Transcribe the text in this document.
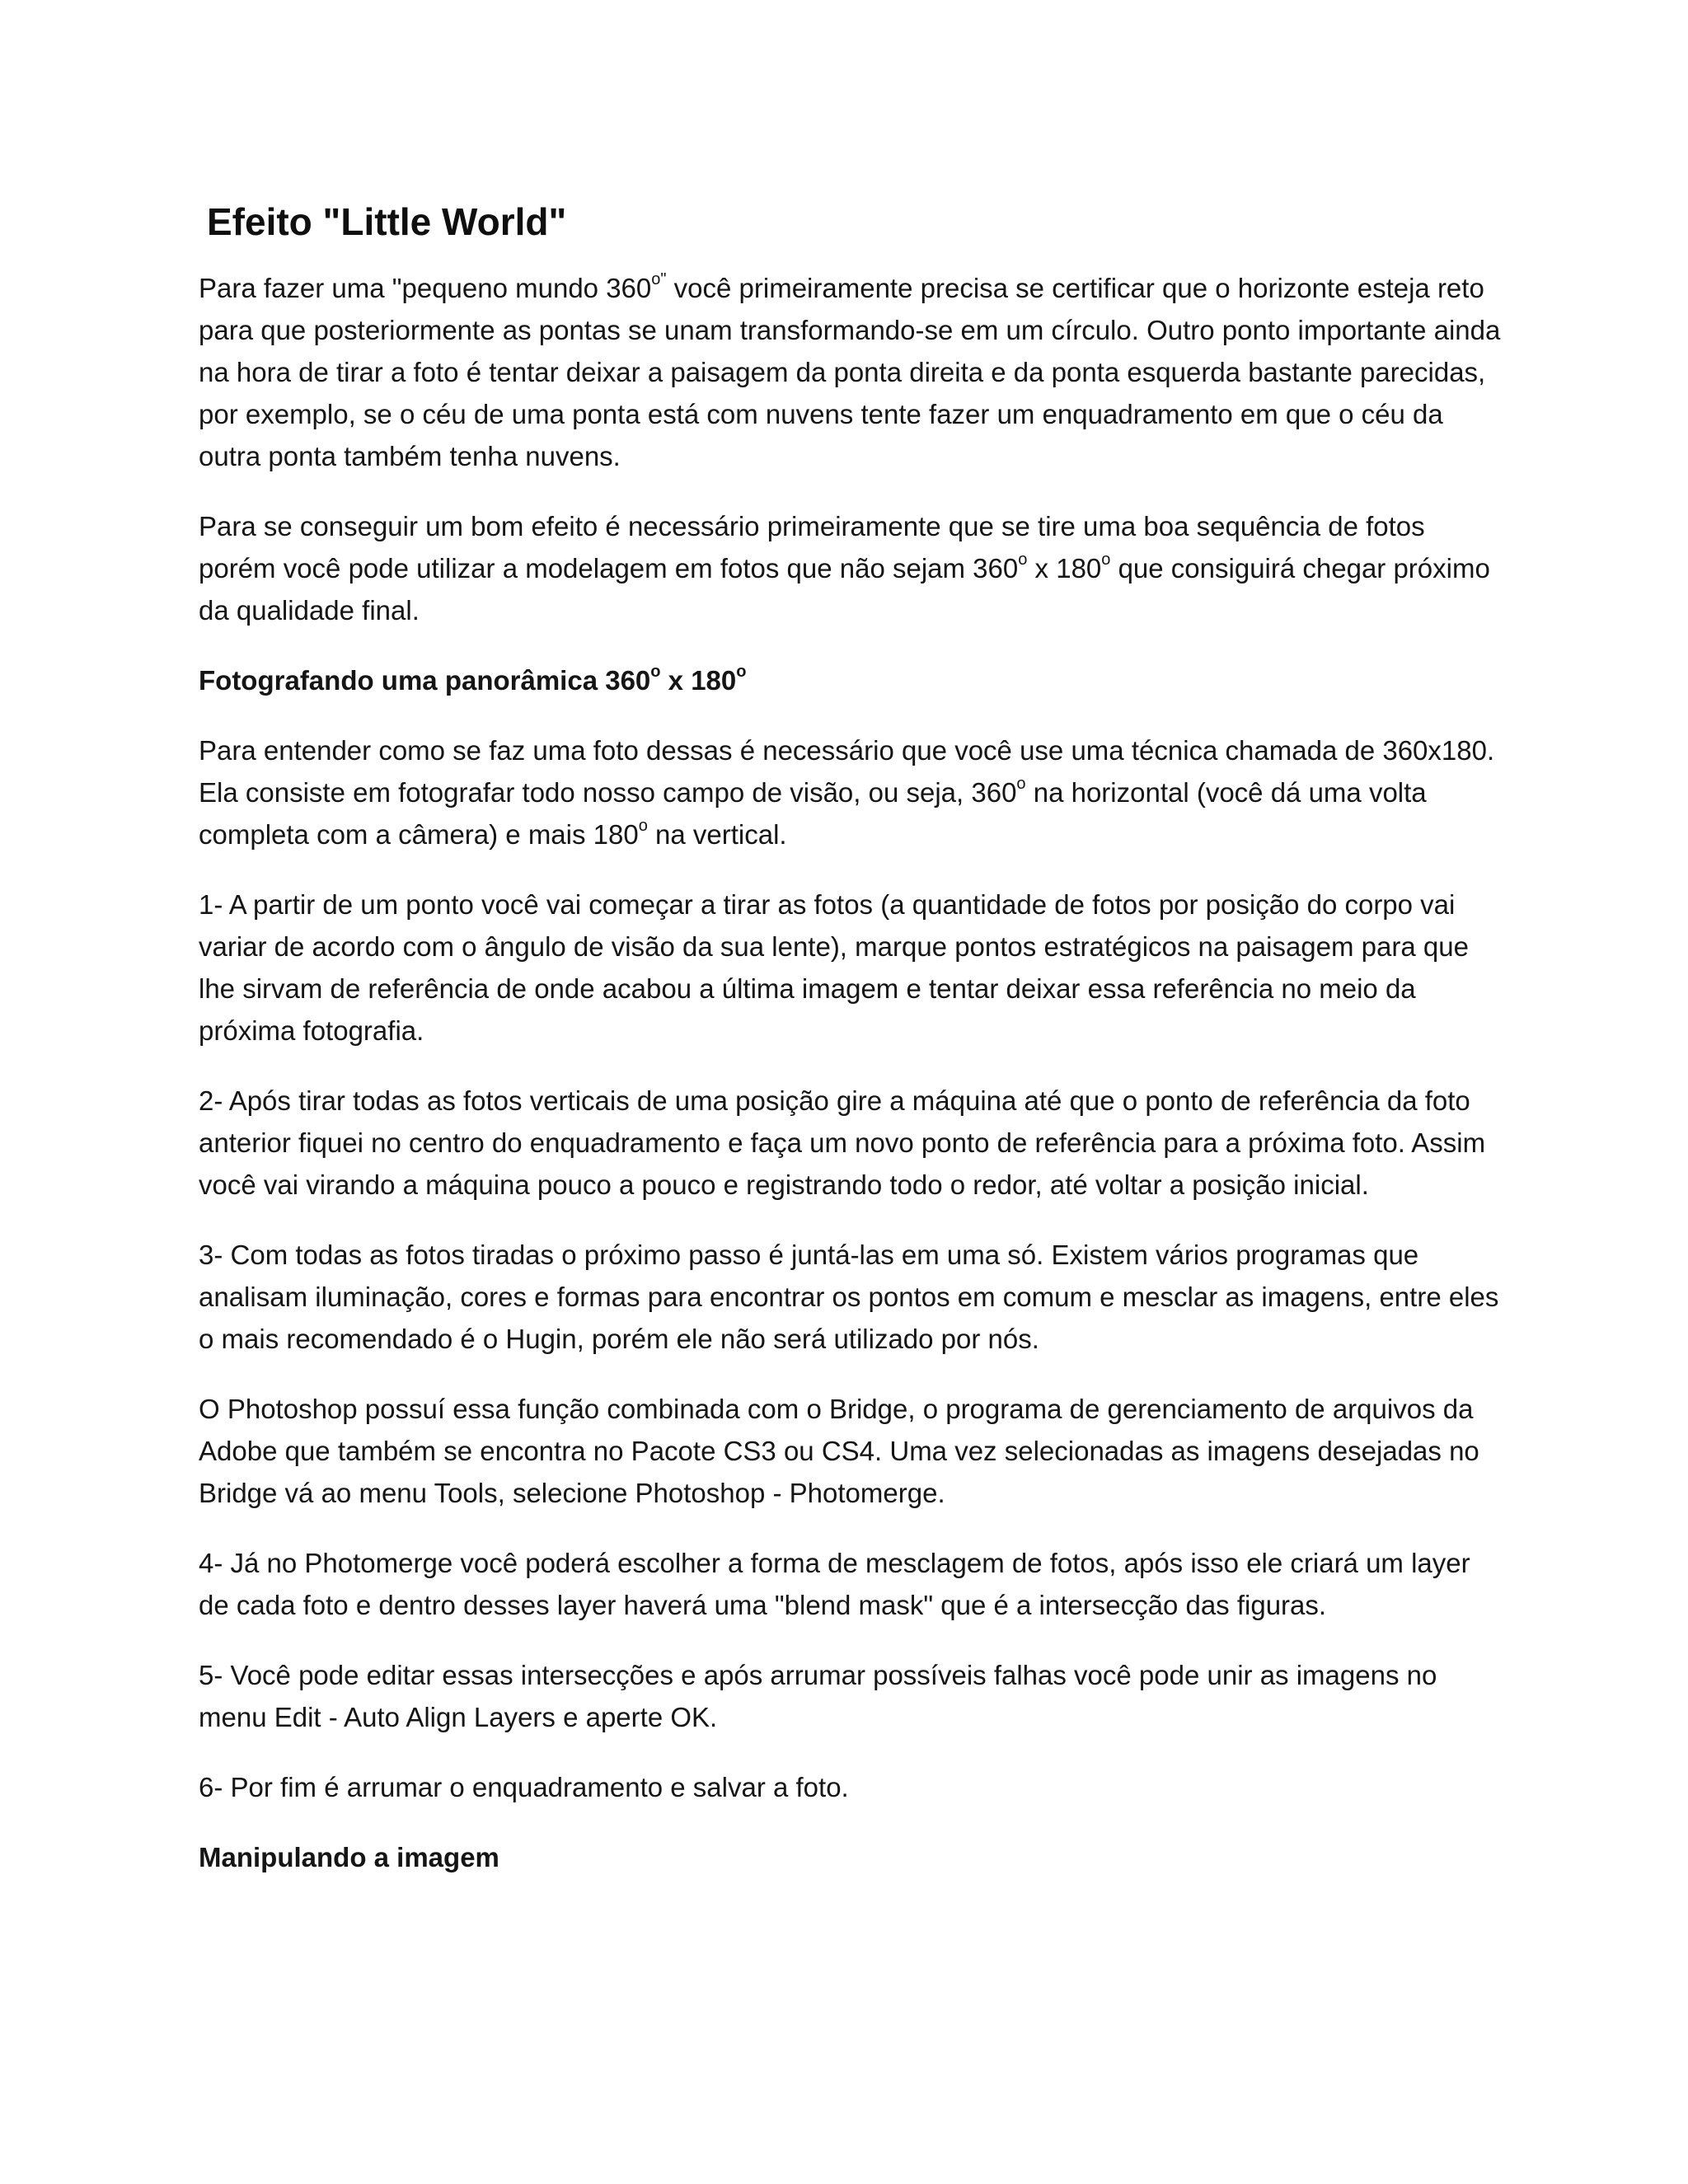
Efeito "Little World"

Para fazer uma "pequeno mundo $360^{o"}$ você primeiramente precisa se certificar que o horizonte esteja reto para que posteriormente as pontas se unam transformando-se em um círculo. Outro ponto importante ainda na hora de tirar a foto é tentar deixar a paisagem da ponta direita e da ponta esquerda bastante parecidas, por exemplo, se o céu de uma ponta está com nuvens tente fazer um enquadramento em que o céu da outra ponta também tenha nuvens.

Para se conseguir um bom efeito é necessário primeiramente que se tire uma boa sequência de fotos porém você pode utilizar a modelagem em fotos que não sejam 360$^o$ x 180$^o$ que consiguirá chegar próximo da qualidade final.

Fotografando uma panorâmica 360$^o$ x 180$^o$

Para entender como se faz uma foto dessas é necessário que você use uma técnica chamada de 360x180. Ela consiste em fotografar todo nosso campo de visão, ou seja, 360$^o$ na horizontal (você dá uma volta completa com a câmera) e mais 180$^o$ na vertical.

1- A partir de um ponto você vai começar a tirar as fotos (a quantidade de fotos por posição do corpo vai variar de acordo com o ângulo de visão da sua lente), marque pontos estratégicos na paisagem para que lhe sirvam de referência de onde acabou a última imagem e tentar deixar essa referência no meio da próxima fotografia.

2- Após tirar todas as fotos verticais de uma posição gire a máquina até que o ponto de referência da foto anterior fiquei no centro do enquadramento e faça um novo ponto de referência para a próxima foto. Assim você vai virando a máquina pouco a pouco e registrando todo o redor, até voltar a posição inicial.

3- Com todas as fotos tiradas o próximo passo é juntá-las em uma só. Existem vários programas que analisam iluminação, cores e formas para encontrar os pontos em comum e mesclar as imagens, entre eles o mais recomendado é o Hugin, porém ele não será utilizado por nós.

O Photoshop possuí essa função combinada com o Bridge, o programa de gerenciamento de arquivos da Adobe que também se encontra no Pacote CS3 ou CS4. Uma vez selecionadas as imagens desejadas no Bridge vá ao menu Tools, selecione Photoshop - Photomerge.

4- Já no Photomerge você poderá escolher a forma de mesclagem de fotos, após isso ele criará um layer de cada foto e dentro desses layer haverá uma "blend mask" que é a intersecção das figuras.

5- Você pode editar essas intersecções e após arrumar possíveis falhas você pode unir as imagens no menu Edit - Auto Align Layers e aperte OK.

6- Por fim é arrumar o enquadramento e salvar a foto.

Manipulando a imagem
